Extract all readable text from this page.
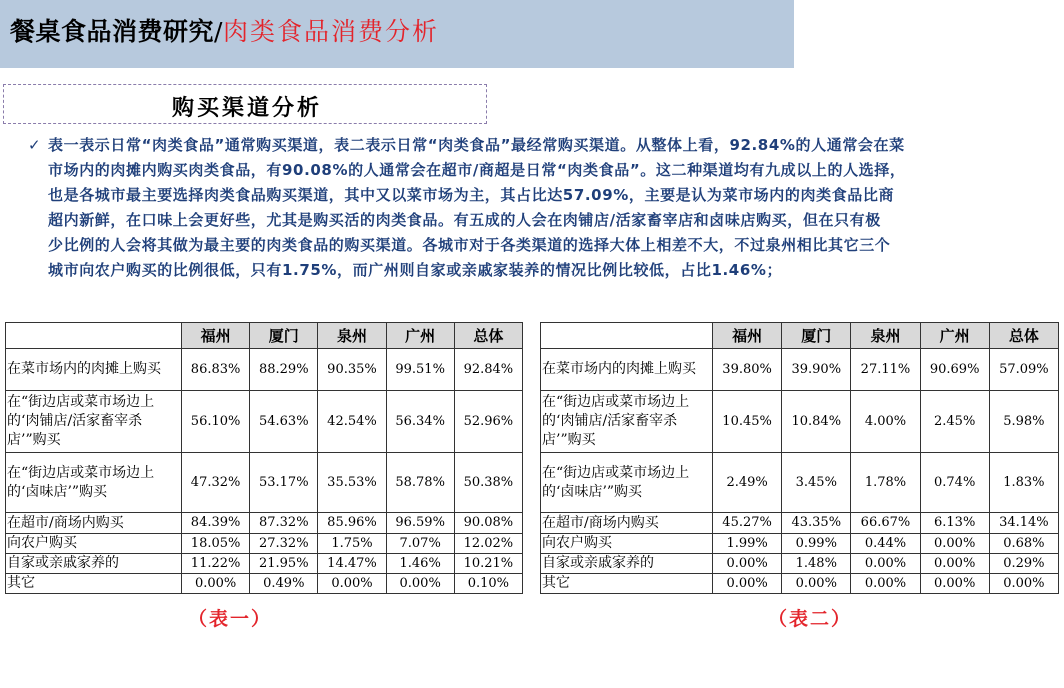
餐桌食品消费研究/肉类食品消费分析
购买渠道分析
✓ 表一表示日常“肉类食品”通常购买渠道，表二表示日常“肉类食品”最经常购买渠道。从整体上看，92.84%的人通常会在菜
市场内的肉摊内购买肉类食品，有90.08%的人通常会在超市/商超是日常“肉类食品”。这二种渠道均有九成以上的人选择，
也是各城市最主要选择肉类食品购买渠道，其中又以菜市场为主，其占比达57.09%，主要是认为菜市场内的肉类食品比商
超内新鲜，在口味上会更好些，尤其是购买活的肉类食品。有五成的人会在肉铺店/活家畜宰店和卤味店购买，但在只有极
少比例的人会将其做为最主要的肉类食品的购买渠道。各城市对于各类渠道的选择大体上相差不大，不过泉州相比其它三个
城市向农户购买的比例很低，只有1.75%，而广州则自家或亲戚家装养的情况比例比较低，占比1.46%；
	福州	厦门	泉州	广州	总体
在菜市场内的肉摊上购买	86.83%	88.29%	90.35%	99.51%	92.84%
在“街边店或菜市场边上的‘肉铺店/活家畜宰杀店’”购买	56.10%	54.63%	42.54%	56.34%	52.96%
在“街边店或菜市场边上的‘卤味店’”购买	47.32%	53.17%	35.53%	58.78%	50.38%
在超市/商场内购买	84.39%	87.32%	85.96%	96.59%	90.08%
向农户购买	18.05%	27.32%	1.75%	7.07%	12.02%
自家或亲戚家养的	11.22%	21.95%	14.47%	1.46%	10.21%
其它	0.00%	0.49%	0.00%	0.00%	0.10%
	福州	厦门	泉州	广州	总体
在菜市场内的肉摊上购买	39.80%	39.90%	27.11%	90.69%	57.09%
在“街边店或菜市场边上的‘肉铺店/活家畜宰杀店’”购买	10.45%	10.84%	4.00%	2.45%	5.98%
在“街边店或菜市场边上的‘卤味店’”购买	2.49%	3.45%	1.78%	0.74%	1.83%
在超市/商场内购买	45.27%	43.35%	66.67%	6.13%	34.14%
向农户购买	1.99%	0.99%	0.44%	0.00%	0.68%
自家或亲戚家养的	0.00%	1.48%	0.00%	0.00%	0.29%
其它	0.00%	0.00%	0.00%	0.00%	0.00%
（表一）	（表二）
